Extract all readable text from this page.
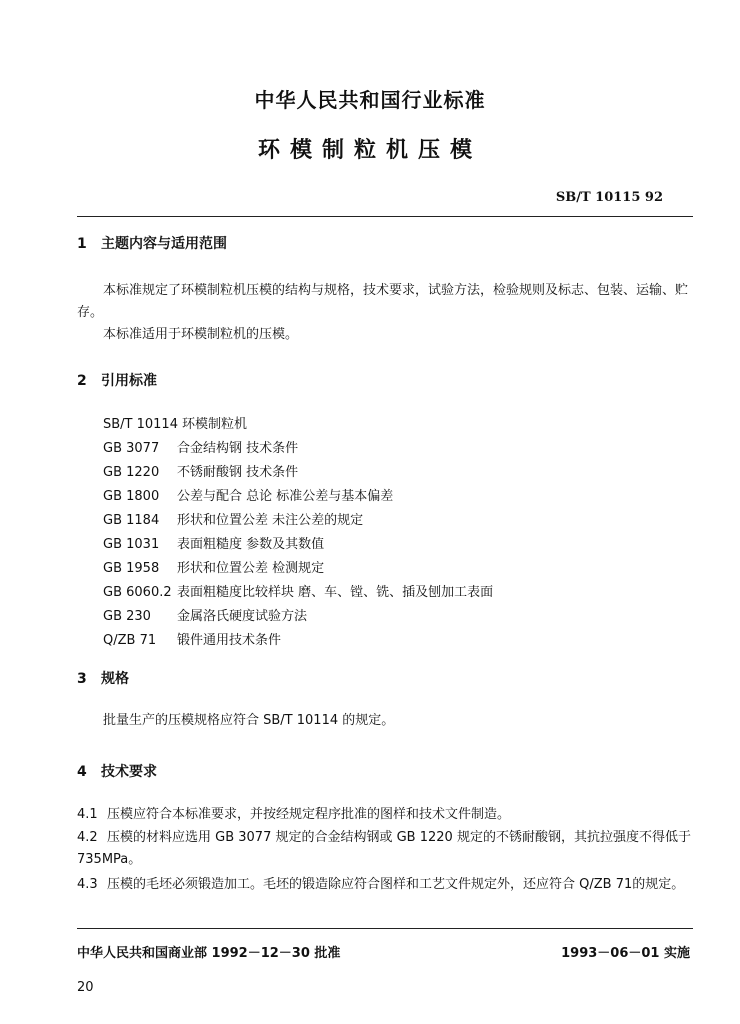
中华人民共和国行业标准
环模制粒机压模
SB/T 10115 92
1 主题内容与适用范围
本标准规定了环模制粒机压模的结构与规格，技术要求，试验方法，检验规则及标志、包装、运输、贮存。
本标准适用于环模制粒机的压模。
2 引用标准
SB/T 10114 环模制粒机
GB 3077 合金结构钢 技术条件
GB 1220 不锈耐酸钢 技术条件
GB 1800 公差与配合 总论 标准公差与基本偏差
GB 1184 形状和位置公差 未注公差的规定
GB 1031 表面粗糙度 参数及其数值
GB 1958 形状和位置公差 检测规定
GB 6060.2 表面粗糙度比较样块 磨、车、镗、铣、插及刨加工表面
GB 230 金属洛氏硬度试验方法
Q/ZB 71 锻件通用技术条件
3 规格
批量生产的压模规格应符合 SB/T 10114 的规定。
4 技术要求
4.1 压模应符合本标准要求，并按经规定程序批准的图样和技术文件制造。
4.2 压模的材料应选用 GB 3077 规定的合金结构钢或 GB 1220 规定的不锈耐酸钢，其抗拉强度不得低于 735MPa。
4.3 压模的毛坯必须锻造加工。毛坯的锻造除应符合图样和工艺文件规定外，还应符合 Q/ZB 71的规定。
中华人民共和国商业部 1992－12－30 批准	1993－06－01 实施
20
